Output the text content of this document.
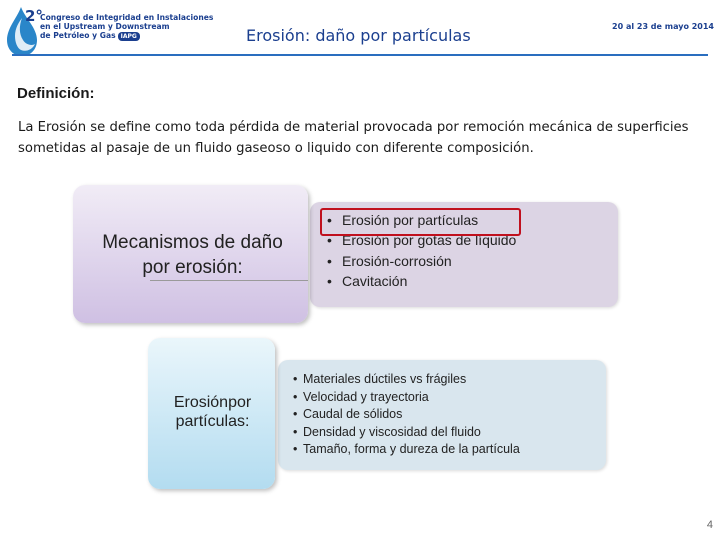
2°
Congreso de Integridad en Instalaciones
en el Upstream y Downstream
de Petróleo y Gas IAPG	Erosión: daño por partículas	20 al 23 de mayo 2014
Definición:
La Erosión se define como toda pérdida de material provocada por remoción mecánica de superficies sometidas al pasaje de un fluido gaseoso o liquido con diferente composición.
Mecanismos de daño por erosión:
• Erosión por partículas
• Erosión por gotas de líquido
• Erosión-corrosión
• Cavitación
Erosiónpor partículas:
• Materiales dúctiles vs frágiles
• Velocidad y trayectoria
• Caudal de sólidos
• Densidad y viscosidad del fluido
• Tamaño, forma y dureza de la partícula
4
